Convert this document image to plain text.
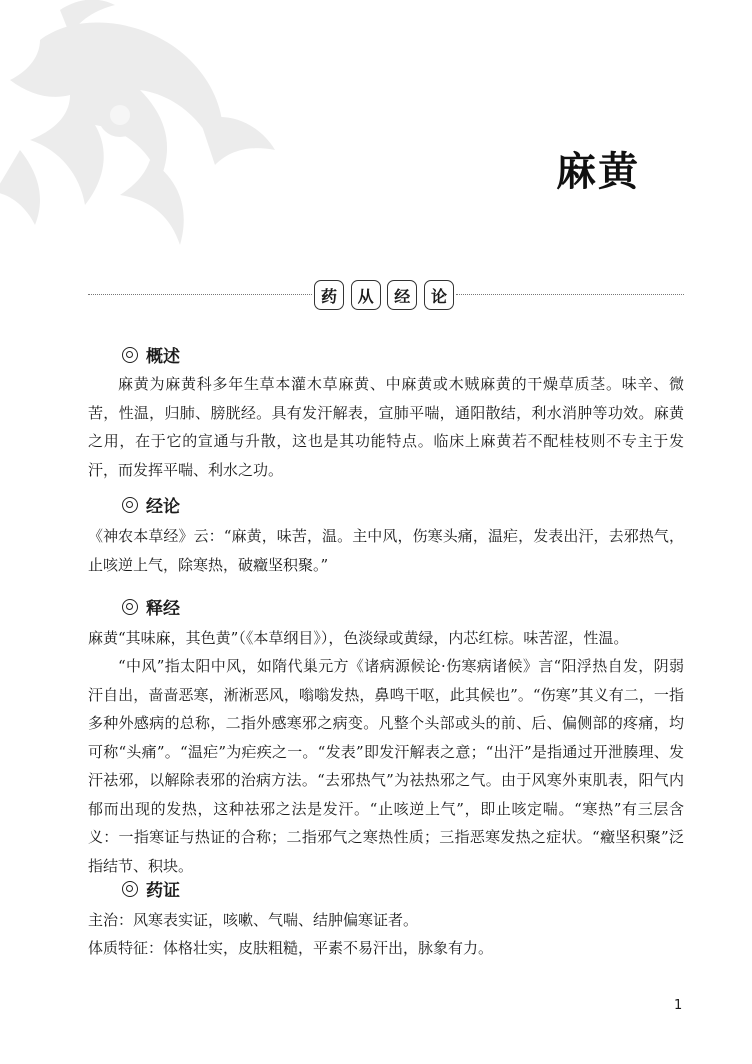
麻黄
药	从	经	论
概述

麻黄为麻黄科多年生草本灌木草麻黄、中麻黄或木贼麻黄的干燥草质茎。味辛、微苦，性温，归肺、膀胱经。具有发汗解表，宣肺平喘，通阳散结，利水消肿等功效。麻黄之用，在于它的宣通与升散，这也是其功能特点。临床上麻黄若不配桂枝则不专主于发汗，而发挥平喘、利水之功。

经论

《神农本草经》云：“麻黄，味苦，温。主中风，伤寒头痛，温疟，发表出汗，去邪热气，止咳逆上气，除寒热，破癥坚积聚。”

释经

麻黄“其味麻，其色黄”（《本草纲目》），色淡绿或黄绿，内芯红棕。味苦涩，性温。

“中风”指太阳中风，如隋代巢元方《诸病源候论·伤寒病诸候》言“阳浮热自发，阴弱汗自出，啬啬恶寒，淅淅恶风，嗡嗡发热，鼻鸣干呕，此其候也”。“伤寒”其义有二，一指多种外感病的总称，二指外感寒邪之病变。凡整个头部或头的前、后、偏侧部的疼痛，均可称“头痛”。“温疟”为疟疾之一。“发表”即发汗解表之意；“出汗”是指通过开泄腠理、发汗祛邪，以解除表邪的治病方法。“去邪热气”为祛热邪之气。由于风寒外束肌表，阳气内郁而出现的发热，这种祛邪之法是发汗。“止咳逆上气”，即止咳定喘。“寒热”有三层含义：一指寒证与热证的合称；二指邪气之寒热性质；三指恶寒发热之症状。“癥坚积聚”泛指结节、积块。

药证

主治：风寒表实证，咳嗽、气喘、结肿偏寒证者。

体质特征：体格壮实，皮肤粗糙，平素不易汗出，脉象有力。

1
